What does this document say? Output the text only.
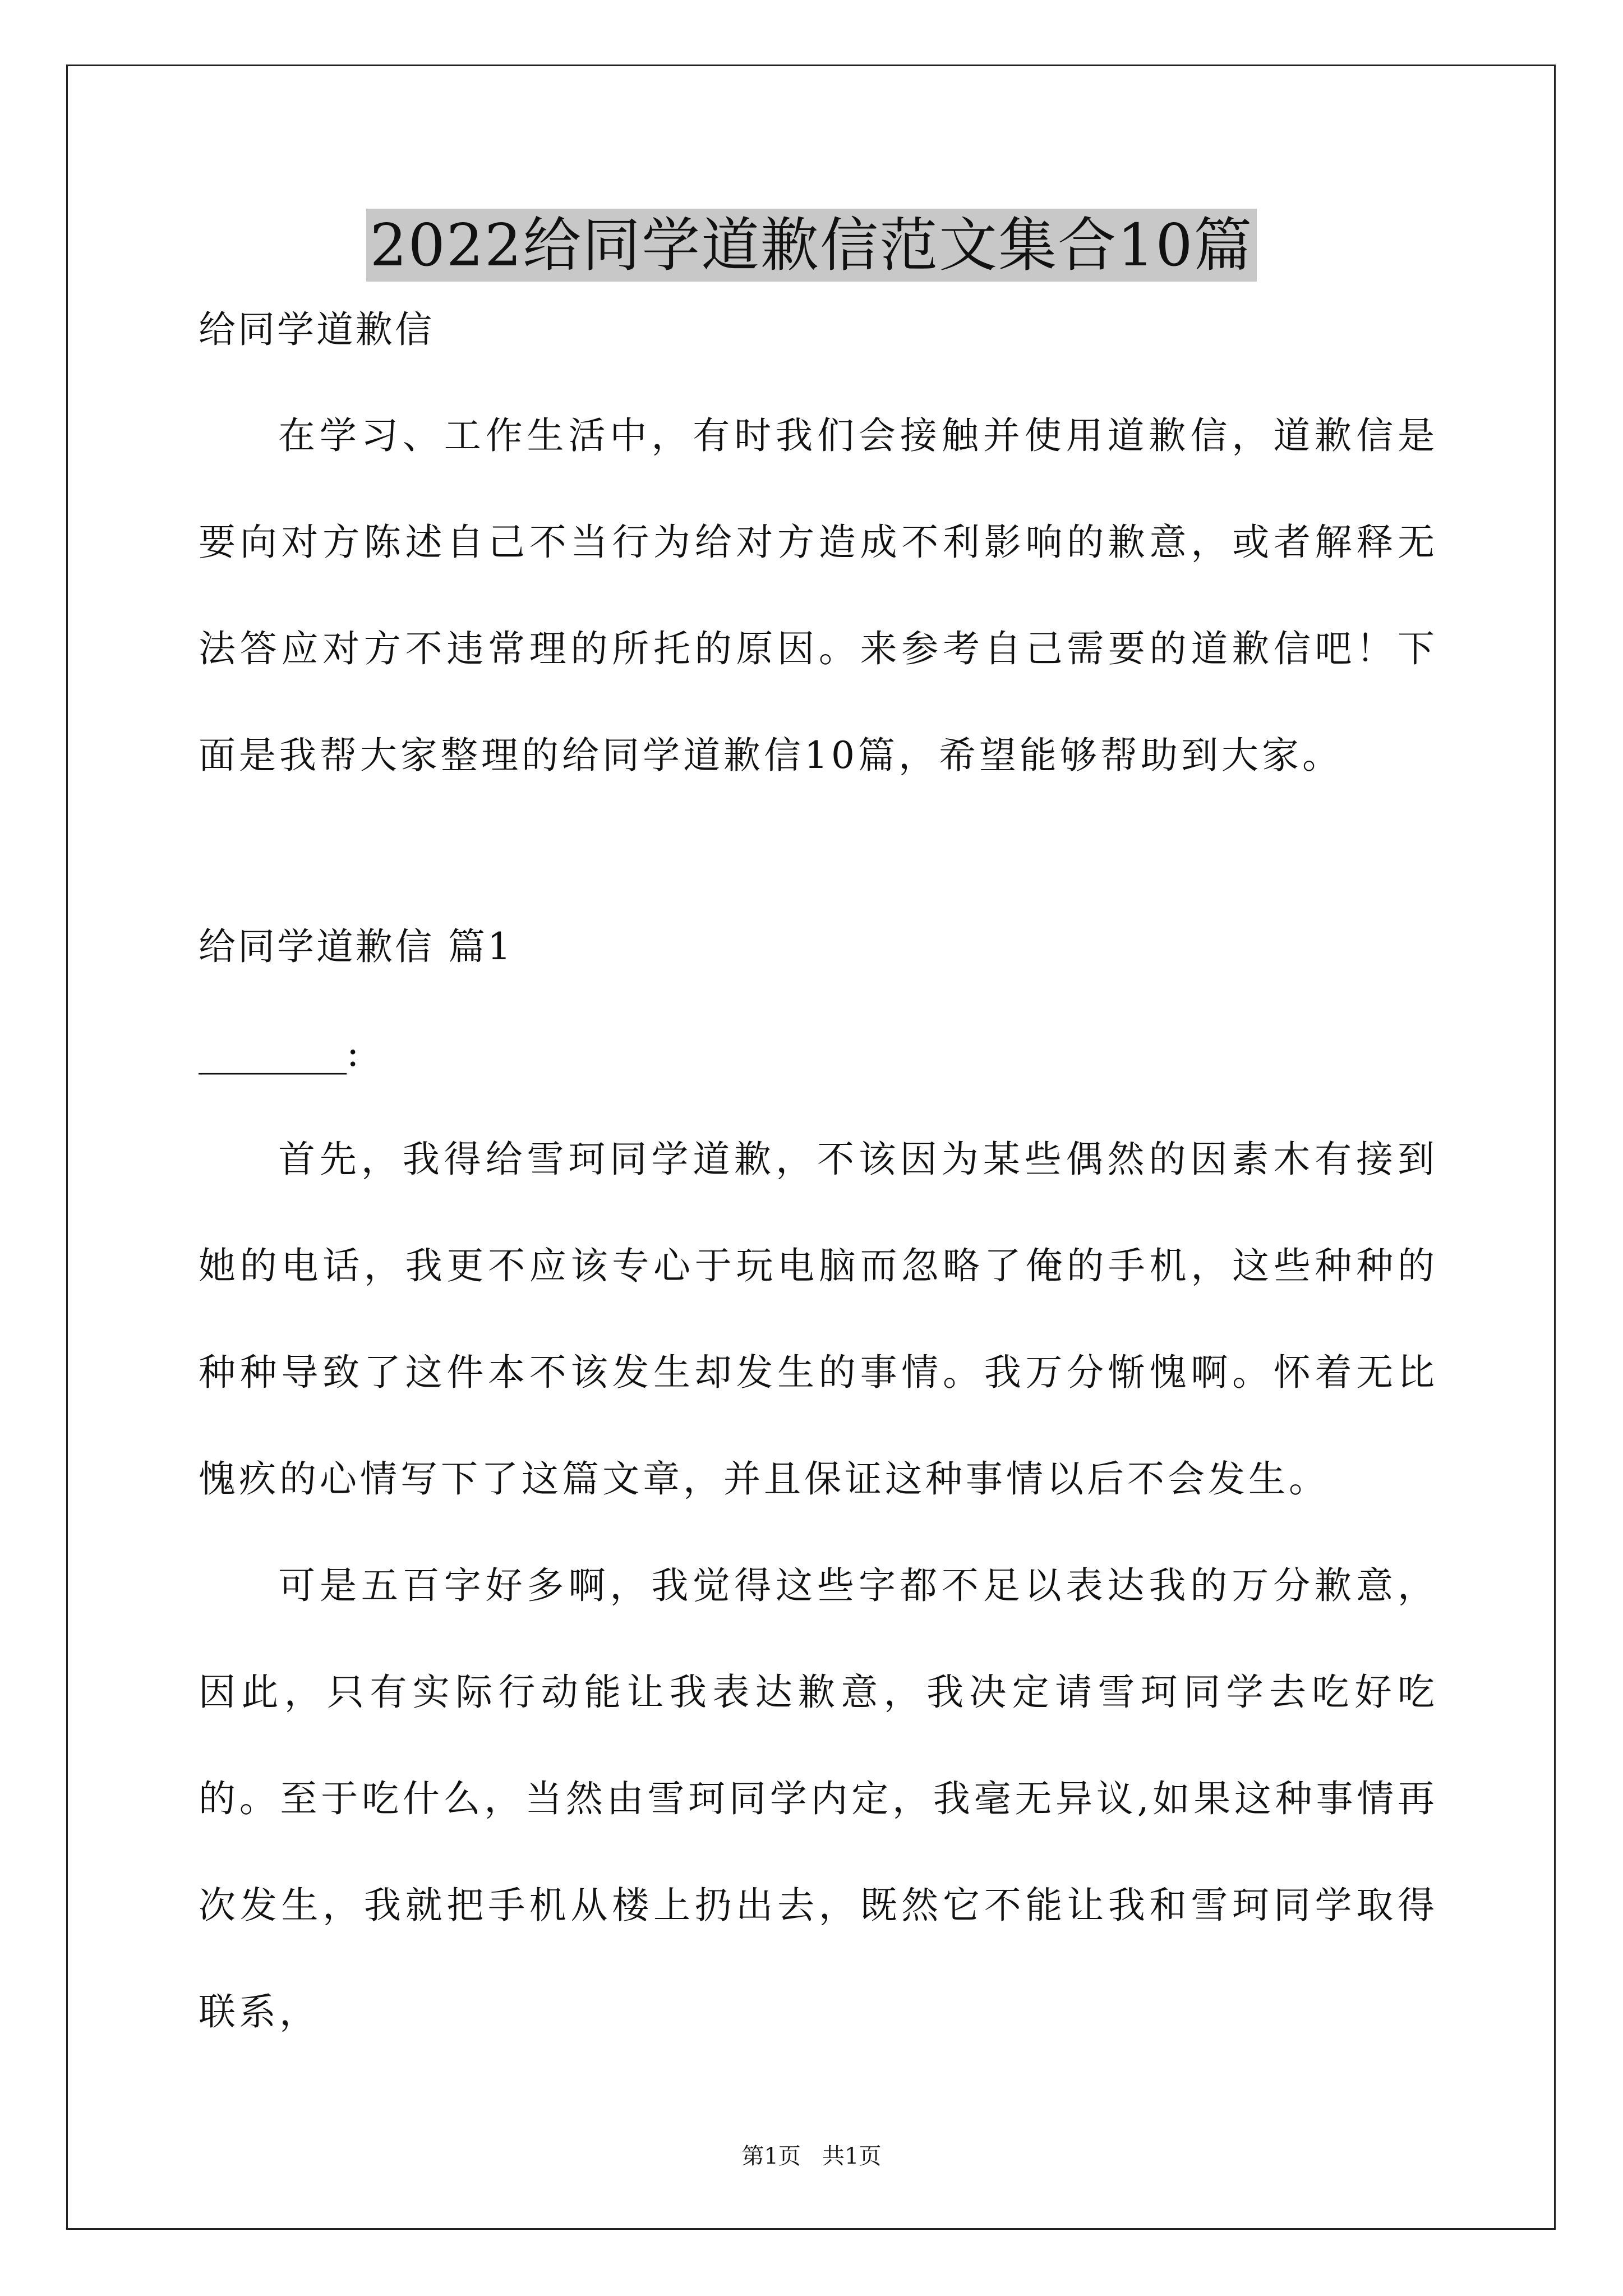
2022给同学道歉信范文集合10篇
给同学道歉信

在学习、工作生活中，有时我们会接触并使用道歉信，道歉信是要向对方陈述自己不当行为给对方造成不利影响的歉意，或者解释无法答应对方不违常理的所托的原因。来参考自己需要的道歉信吧！下面是我帮大家整理的给同学道歉信10篇，希望能够帮助到大家。

给同学道歉信 篇1
________:

首先，我得给雪珂同学道歉，不该因为某些偶然的因素木有接到她的电话，我更不应该专心于玩电脑而忽略了俺的手机，这些种种的种种导致了这件本不该发生却发生的事情。我万分惭愧啊。怀着无比愧疚的心情写下了这篇文章，并且保证这种事情以后不会发生。

可是五百字好多啊，我觉得这些字都不足以表达我的万分歉意，因此，只有实际行动能让我表达歉意，我决定请雪珂同学去吃好吃的。至于吃什么，当然由雪珂同学内定，我毫无异议,如果这种事情再次发生，我就把手机从楼上扔出去，既然它不能让我和雪珂同学取得联系，

第1页   共1页
